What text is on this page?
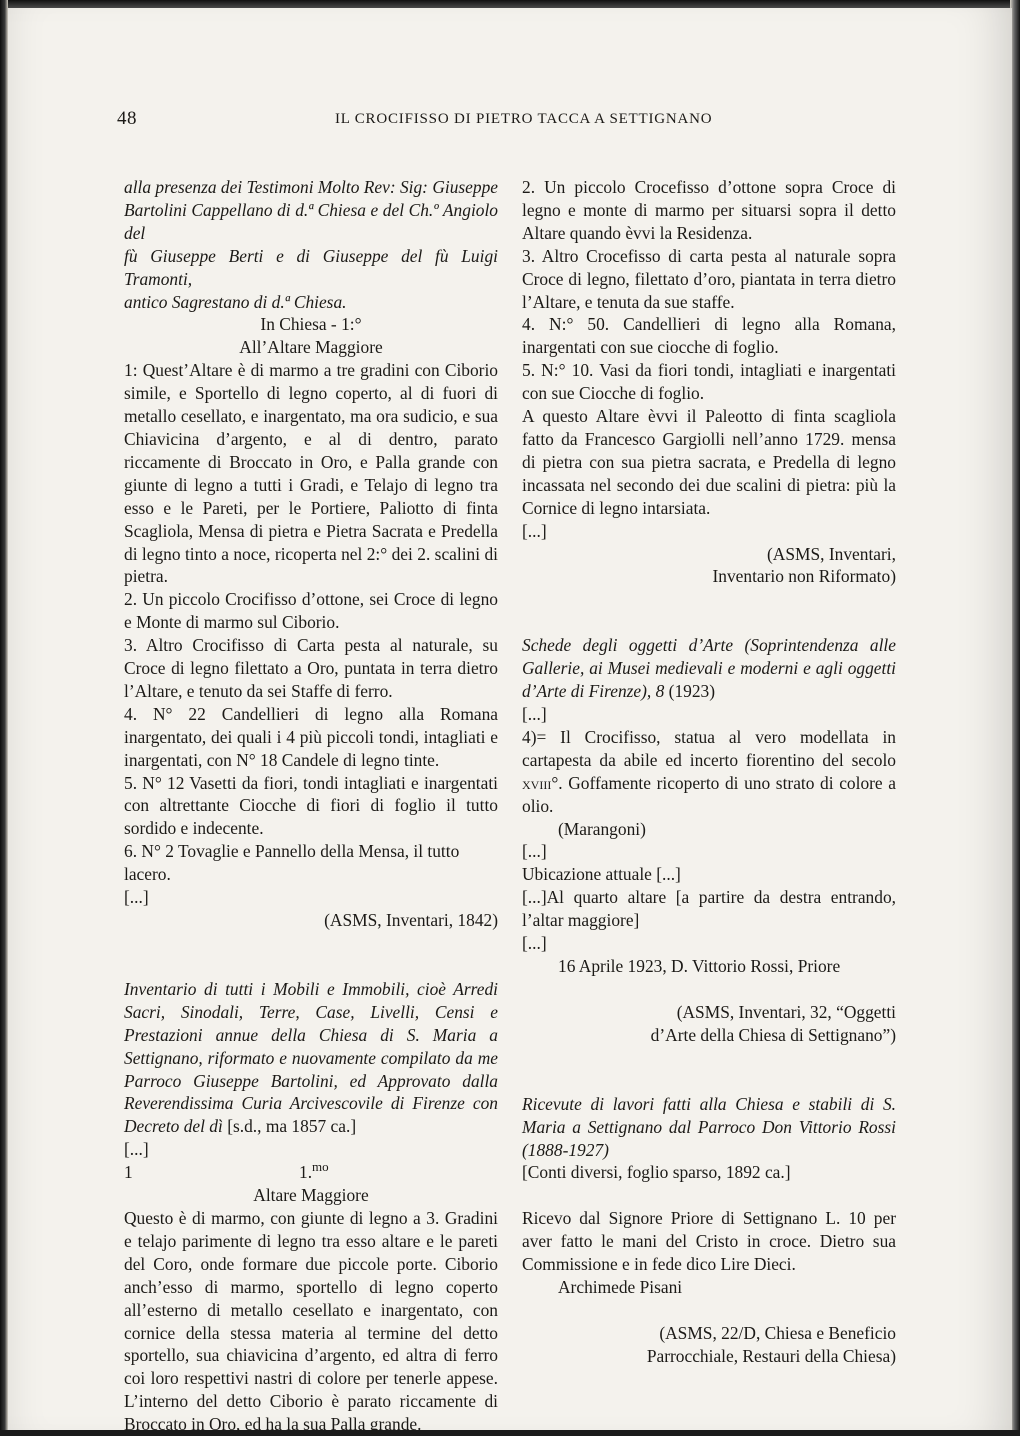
48	IL CROCIFISSO DI PIETRO TACCA A SETTIGNANO

alla presenza dei Testimoni Molto Rev: Sig: Giuseppe

Bartolini Cappellano di d.ª Chiesa e del Ch.º Angiolo del

fù Giuseppe Berti e di Giuseppe del fù Luigi Tramonti,

antico Sagrestano di d.ª Chiesa.

In Chiesa - 1:°

All’Altare Maggiore

1: Quest’Altare è di marmo a tre gradini con Ciborio simile, e Sportello di legno coperto, al di fuori di metallo cesellato, e inargentato, ma ora sudicio, e sua Chiavicina d’argento, e al di dentro, parato riccamente di Broccato in Oro, e Palla grande con giunte di legno a tutti i Gradi, e Telajo di legno tra esso e le Pareti, per le Portiere, Paliotto di finta Scagliola, Mensa di pietra e Pietra Sacrata e Predella di legno tinto a noce, ricoperta nel 2:° dei 2. scalini di pietra.

2. Un piccolo Crocifisso d’ottone, sei Croce di legno e Monte di marmo sul Ciborio.

3. Altro Crocifisso di Carta pesta al naturale, su Croce di legno filettato a Oro, puntata in terra dietro l’Altare, e tenuto da sei Staffe di ferro.

4. N° 22 Candellieri di legno alla Romana inargentato, dei quali i 4 più piccoli tondi, intagliati e inargentati, con N° 18 Candele di legno tinte.

5. N° 12 Vasetti da fiori, tondi intagliati e inargentati con altrettante Ciocche di fiori di foglio il tutto sordido e indecente.

6. N° 2 Tovaglie e Pannello della Mensa, il tutto lacero.

[...]

(ASMS, Inventari, 1842)

Inventario di tutti i Mobili e Immobili, cioè Arredi Sacri, Sinodali, Terre, Case, Livelli, Censi e Prestazioni annue della Chiesa di S. Maria a Settignano, riformato e nuovamente compilato da me Parroco Giuseppe Bartolini, ed Approvato dalla Reverendissima Curia Arcivescovile di Firenze con Decreto del dì [s.d., ma 1857 ca.]

[...]

1	1.$^{mo}$

Altare Maggiore

Questo è di marmo, con giunte di legno a 3. Gradini e telajo parimente di legno tra esso altare e le pareti del Coro, onde formare due piccole porte. Ciborio anch’esso di marmo, sportello di legno coperto all’esterno di metallo cesellato e inargentato, con cornice della stessa materia al termine del detto sportello, sua chiavicina d’argento, ed altra di ferro coi loro respettivi nastri di colore per tenerle appese. L’interno del detto Ciborio è parato riccamente di Broccato in Oro, ed ha la sua Palla grande.

2. Un piccolo Crocefisso d’ottone sopra Croce di legno e monte di marmo per situarsi sopra il detto Altare quando èvvi la Residenza.

3. Altro Crocefisso di carta pesta al naturale sopra Croce di legno, filettato d’oro, piantata in terra dietro l’Altare, e tenuta da sue staffe.

4. N:° 50. Candellieri di legno alla Romana, inargentati con sue ciocche di foglio.

5. N:° 10. Vasi da fiori tondi, intagliati e inargentati con sue Ciocche di foglio.

A questo Altare èvvi il Paleotto di finta scagliola fatto da Francesco Gargiolli nell’anno 1729. mensa di pietra con sua pietra sacrata, e Predella di legno incassata nel secondo dei due scalini di pietra: più la Cornice di legno intarsiata.

[...]

(ASMS, Inventari,

Inventario non Riformato)

Schede degli oggetti d’Arte (Soprintendenza alle Gallerie, ai Musei medievali e moderni e agli oggetti d’Arte di Firenze), 8 (1923)

[...]

4)= Il Crocifisso, statua al vero modellata in cartapesta da abile ed incerto fiorentino del secolo xviii°. Goffamente ricoperto di uno strato di colore a olio.

(Marangoni)

[...]

Ubicazione attuale [...]

[...]Al quarto altare [a partire da destra entrando, l’altar maggiore]

[...]

16 Aprile 1923, D. Vittorio Rossi, Priore

(ASMS, Inventari, 32, “Oggetti

d’Arte della Chiesa di Settignano”)

Ricevute di lavori fatti alla Chiesa e stabili di S. Maria a Settignano dal Parroco Don Vittorio Rossi (1888-1927)

[Conti diversi, foglio sparso, 1892 ca.]

Ricevo dal Signore Priore di Settignano L. 10 per aver fatto le mani del Cristo in croce. Dietro sua Commissione e in fede dico Lire Dieci.

Archimede Pisani

(ASMS, 22/D, Chiesa e Beneficio

Parrocchiale, Restauri della Chiesa)
